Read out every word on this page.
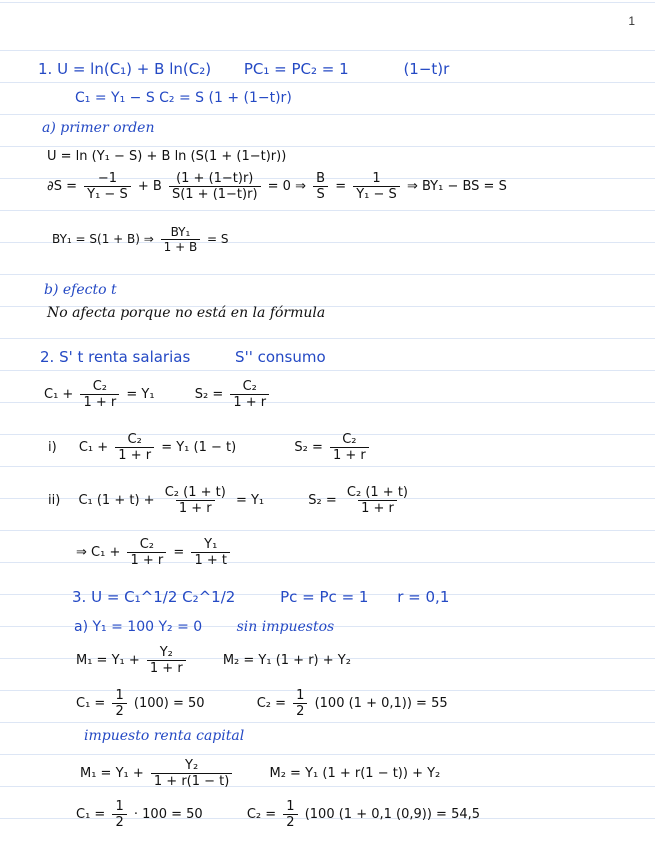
1
1. U = ln(C₁) + B ln(C₂) PC₁ = PC₂ = 1	(1−t)r
C₁ = Y₁ − S C₂ = S (1 + (1−t)r)
a) primer orden
U = ln (Y₁ − S) + B ln (S(1 + (1−t)r))
$\partial S = \frac{-1}{\text{Y₁ − S}} + B \frac{(1 + (1-t)r)}{S(1 + (1-t)r)} = 0$ ⇒ $\frac{B}{S} = \frac{1}{\text{Y₁ − S}}$ ⇒ BY₁ − BS = S
BY₁ = S(1 + B) ⇒ $\frac{\text{BY₁}}{1 + B} = S$
b) efecto t
No afecta porque no está en la fórmula
2. S' t renta salarias	S'' consumo
$C_1 + \frac{\text{C₂}}{1 + r} = Y_1$	$S_2 = \frac{\text{C₂}}{1 + r}$
i) $C_1 + \frac{\text{C₂}}{1 + r} = Y_1$ (1 − t)	$S_2 = \frac{\text{C₂}}{1 + r}$
ii) C₁ $(1 + t) + \frac{\text{C₂ (1 + t)}}{1 + r} = Y_1$	$S_2 = \frac{\text{C₂ (1 + t)}}{1 + r}$
⇒ $C_1 + \frac{\text{C₂}}{1 + r} = \frac{\text{Y₁}}{1 + t}$
3. U = C₁^1/2 C₂^1/2	Pc = Pc = 1 r = 0,1
a) Y₁ = 100 Y₂ = 0 sin impuestos
$M_1 = Y_1 + \frac{\text{Y₂}}{1 + r}$	M₂ = Y₁ (1 + r) + Y₂
$C_1 = \frac{1}{2} (100) = 50$	$C_2 = \frac{1}{2} (100$ (1 + 0,1)) = 55
impuesto renta capital
$M_1 = Y_1 + \frac{\text{Y₂}}{1 + r(1 - t)}$	M₂ = Y₁ (1 + r(1 − t)) + Y₂
$C_1 = \frac{1}{2} \cdot 100 = 50$	$C_2 = \frac{1}{2} (100$ (1 + 0,1 (0,9)) = 54,5
